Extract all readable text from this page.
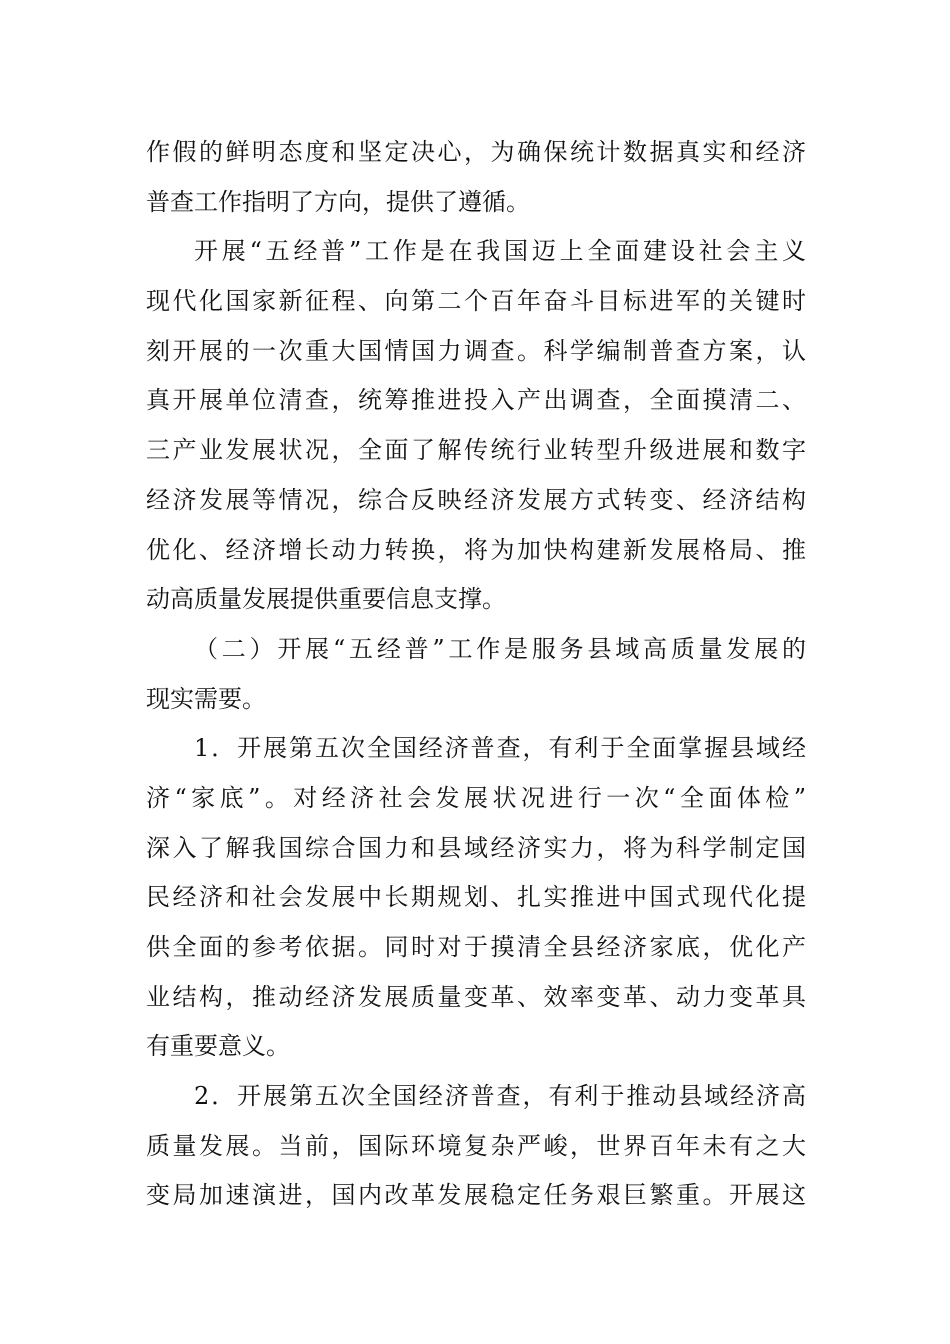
作假的鲜明态度和坚定决心，为确保统计数据真实和经济
普查工作指明了方向，提供了遵循。
开展“五经普”工作是在我国迈上全面建设社会主义
现代化国家新征程、向第二个百年奋斗目标进军的关键时
刻开展的一次重大国情国力调查。科学编制普查方案，认
真开展单位清查，统筹推进投入产出调查，全面摸清二、
三产业发展状况，全面了解传统行业转型升级进展和数字
经济发展等情况，综合反映经济发展方式转变、经济结构
优化、经济增长动力转换，将为加快构建新发展格局、推
动高质量发展提供重要信息支撑。
（二）开展“五经普”工作是服务县域高质量发展的
现实需要。
1．开展第五次全国经济普查，有利于全面掌握县域经
济“家底”。对经济社会发展状况进行一次“全面体检”
深入了解我国综合国力和县域经济实力，将为科学制定国
民经济和社会发展中长期规划、扎实推进中国式现代化提
供全面的参考依据。同时对于摸清全县经济家底，优化产
业结构，推动经济发展质量变革、效率变革、动力变革具
有重要意义。
2．开展第五次全国经济普查，有利于推动县域经济高
质量发展。当前，国际环境复杂严峻，世界百年未有之大
变局加速演进，国内改革发展稳定任务艰巨繁重。开展这
